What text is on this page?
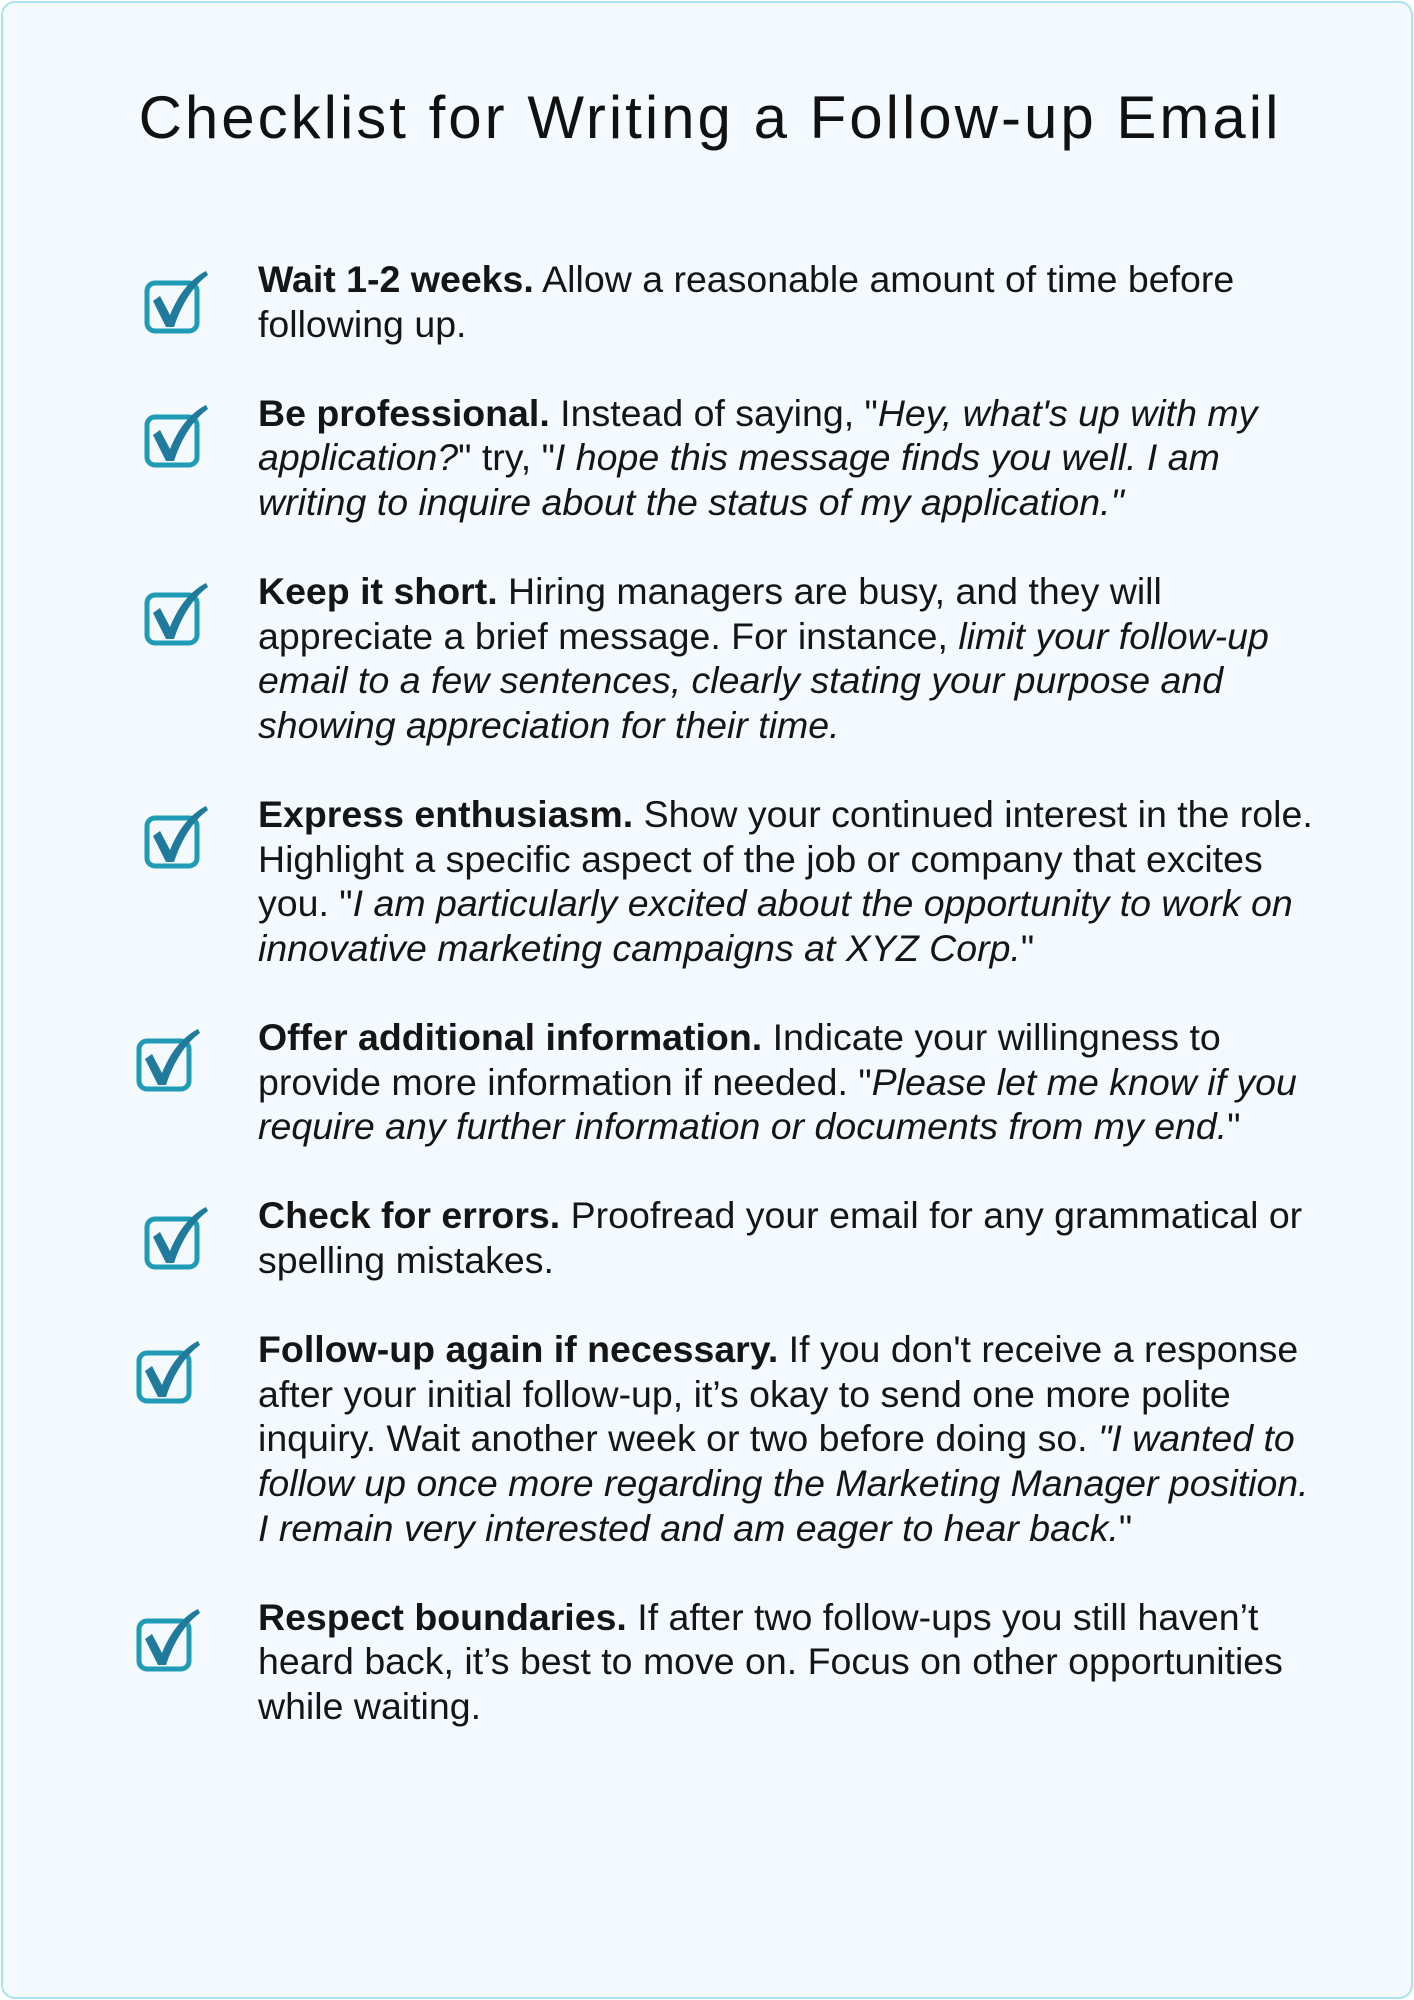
Checklist for Writing a Follow-up Email
Wait 1-2 weeks. Allow a reasonable amount of time before following up.
Be professional. Instead of saying, "Hey, what's up with my application?" try, "I hope this message finds you well. I am writing to inquire about the status of my application."
Keep it short. Hiring managers are busy, and they will appreciate a brief message. For instance, limit your follow-up email to a few sentences, clearly stating your purpose and showing appreciation for their time.
Express enthusiasm. Show your continued interest in the role. Highlight a specific aspect of the job or company that excites you. "I am particularly excited about the opportunity to work on innovative marketing campaigns at XYZ Corp."
Offer additional information. Indicate your willingness to provide more information if needed. "Please let me know if you require any further information or documents from my end."
Check for errors. Proofread your email for any grammatical or spelling mistakes.
Follow-up again if necessary. If you don't receive a response after your initial follow-up, it’s okay to send one more polite inquiry. Wait another week or two before doing so. "I wanted to follow up once more regarding the Marketing Manager position. I remain very interested and am eager to hear back."
Respect boundaries. If after two follow-ups you still haven’t heard back, it’s best to move on. Focus on other opportunities while waiting.
